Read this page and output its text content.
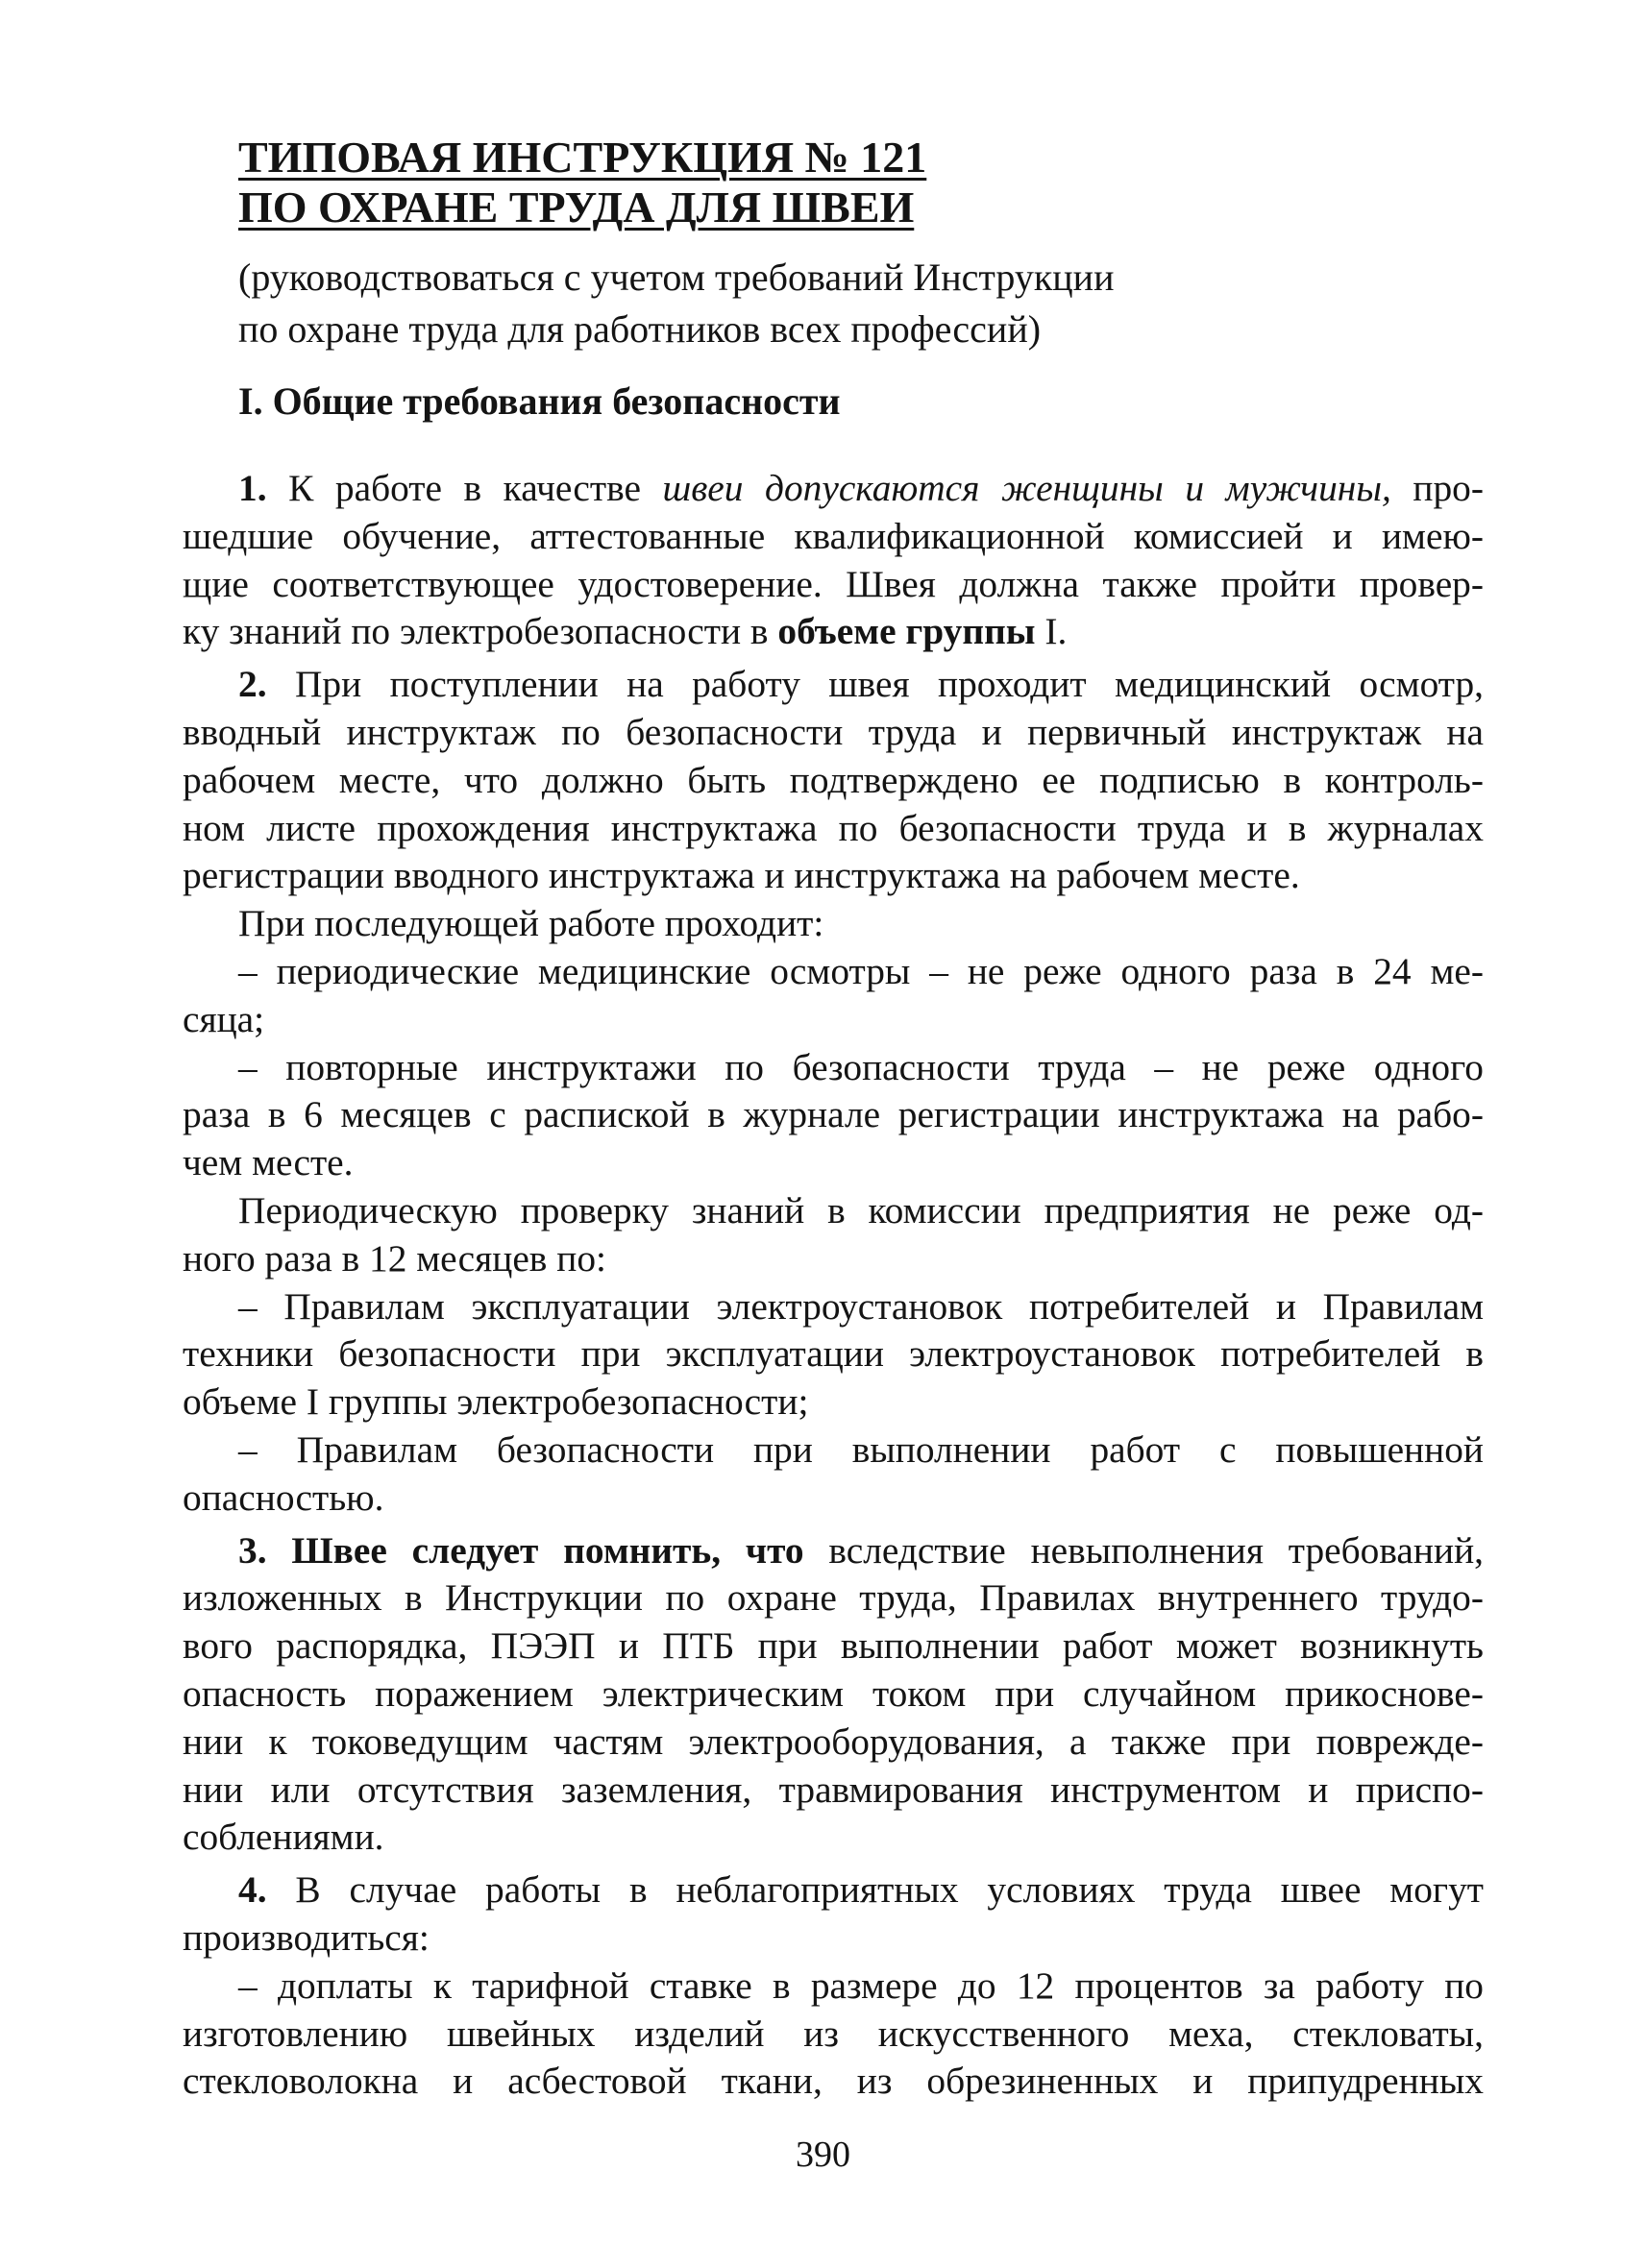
ТИПОВАЯ ИНСТРУКЦИЯ № 121
ПО ОХРАНЕ ТРУДА ДЛЯ ШВЕИ
(руководствоваться с учетом требований Инструкции
по охране труда для работников всех профессий)
I. Общие требования безопасности
1. К работе в качестве швеи допускаются женщины и мужчины, про-
шедшие обучение, аттестованные квалификационной комиссией и имею-
щие соответствующее удостоверение. Швея должна также пройти провер-
ку знаний по электробезопасности в объеме группы I.
2. При поступлении на работу швея проходит медицинский осмотр,
вводный инструктаж по безопасности труда и первичный инструктаж на
рабочем месте, что должно быть подтверждено ее подписью в контроль-
ном листе прохождения инструктажа по безопасности труда и в журналах
регистрации вводного инструктажа и инструктажа на рабочем месте.
При последующей работе проходит:
– периодические медицинские осмотры – не реже одного раза в 24 ме-
сяца;
– повторные инструктажи по безопасности труда – не реже одного
раза в 6 месяцев с распиской в журнале регистрации инструктажа на рабо-
чем месте.
Периодическую проверку знаний в комиссии предприятия не реже од-
ного раза в 12 месяцев по:
– Правилам эксплуатации электроустановок потребителей и Правилам
техники безопасности при эксплуатации электроустановок потребителей в
объеме I группы электробезопасности;
– Правилам безопасности при выполнении работ с повышенной
опасностью.
3. Швее следует помнить, что вследствие невыполнения требований,
изложенных в Инструкции по охране труда, Правилах внутреннего трудо-
вого распорядка, ПЭЭП и ПТБ при выполнении работ может возникнуть
опасность поражением электрическим током при случайном прикоснове-
нии к токоведущим частям электрооборудования, а также при поврежде-
нии или отсутствия заземления, травмирования инструментом и приспо-
соблениями.
4. В случае работы в неблагоприятных условиях труда швее могут
производиться:
– доплаты к тарифной ставке в размере до 12 процентов за работу по
изготовлению швейных изделий из искусственного меха, стекловаты,
стекловолокна и асбестовой ткани, из обрезиненных и припудренных
390
